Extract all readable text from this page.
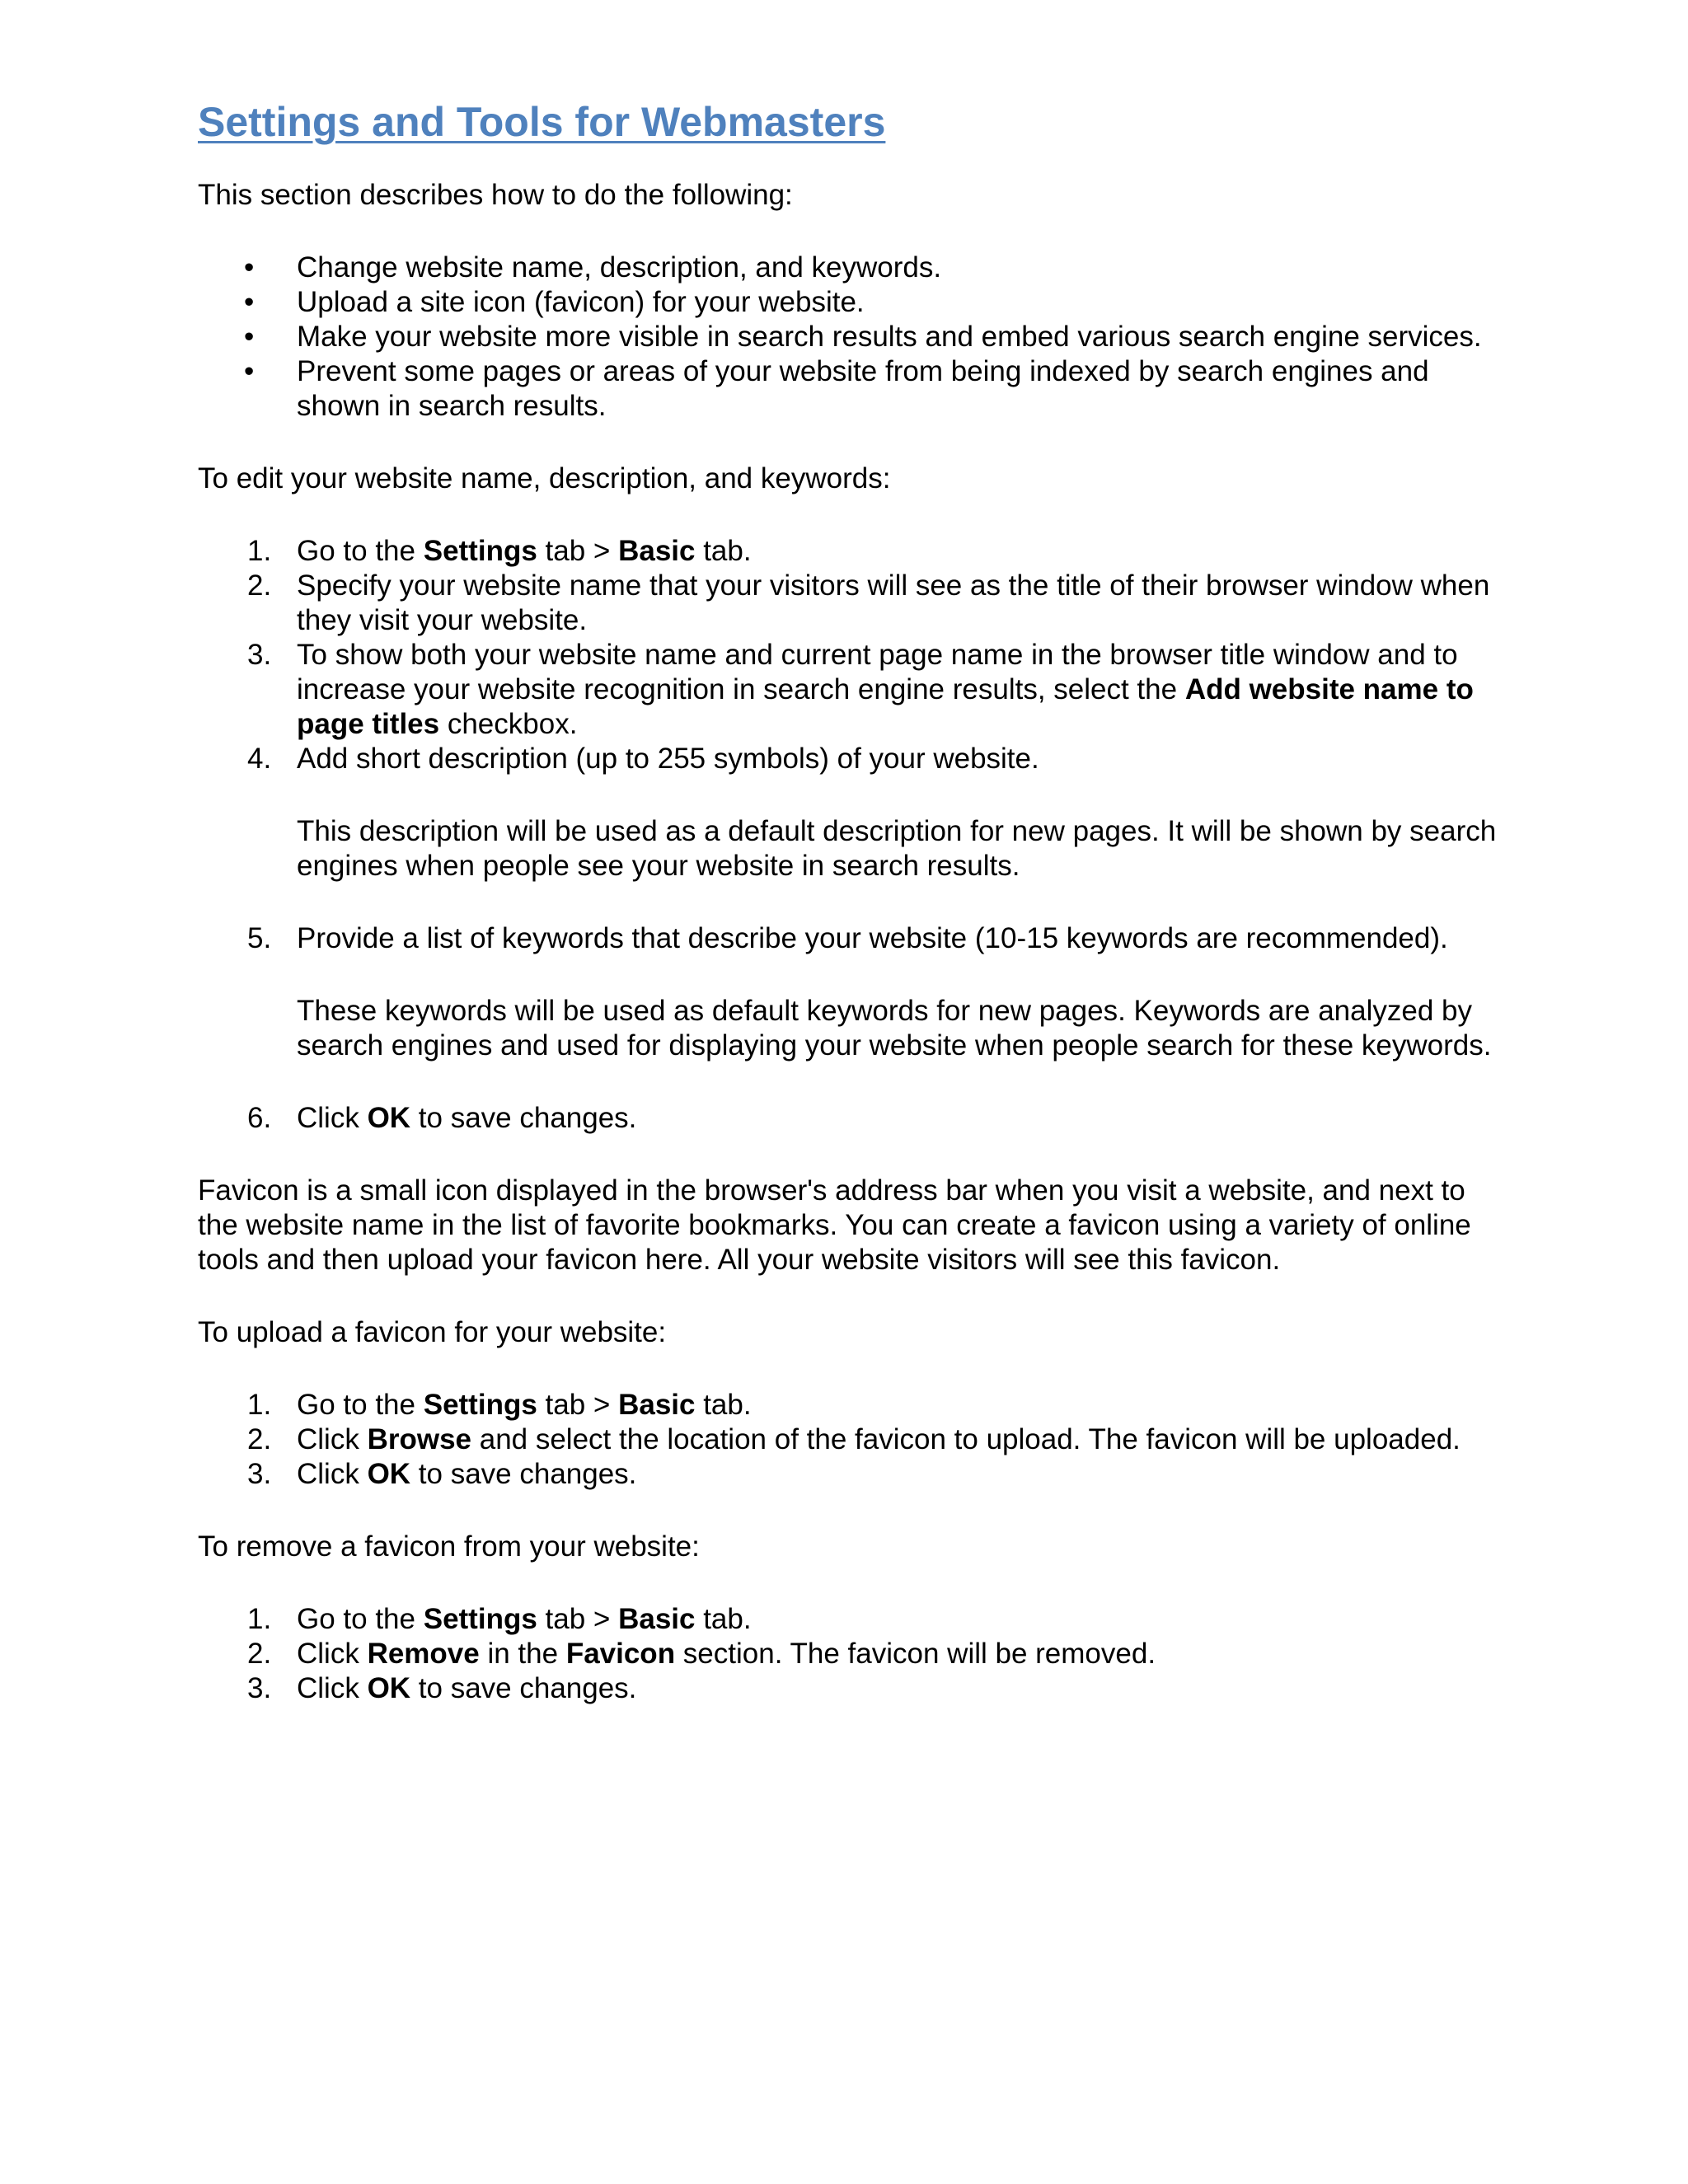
Settings and Tools for Webmasters

This section describes how to do the following:

• Change website name, description, and keywords.
• Upload a site icon (favicon) for your website.
• Make your website more visible in search results and embed various search engine services.
• Prevent some pages or areas of your website from being indexed by search engines and shown in search results.

To edit your website name, description, and keywords:

1. Go to the Settings tab > Basic tab.
2. Specify your website name that your visitors will see as the title of their browser window when they visit your website.
3. To show both your website name and current page name in the browser title window and to increase your website recognition in search engine results, select the Add website name to page titles checkbox.
4. Add short description (up to 255 symbols) of your website.

This description will be used as a default description for new pages. It will be shown by search engines when people see your website in search results.

5. Provide a list of keywords that describe your website (10-15 keywords are recommended).

These keywords will be used as default keywords for new pages. Keywords are analyzed by search engines and used for displaying your website when people search for these keywords.

6. Click OK to save changes.

Favicon is a small icon displayed in the browser's address bar when you visit a website, and next to the website name in the list of favorite bookmarks. You can create a favicon using a variety of online tools and then upload your favicon here. All your website visitors will see this favicon.

To upload a favicon for your website:

1. Go to the Settings tab > Basic tab.
2. Click Browse and select the location of the favicon to upload. The favicon will be uploaded.
3. Click OK to save changes.

To remove a favicon from your website:

1. Go to the Settings tab > Basic tab.
2. Click Remove in the Favicon section. The favicon will be removed.
3. Click OK to save changes.
